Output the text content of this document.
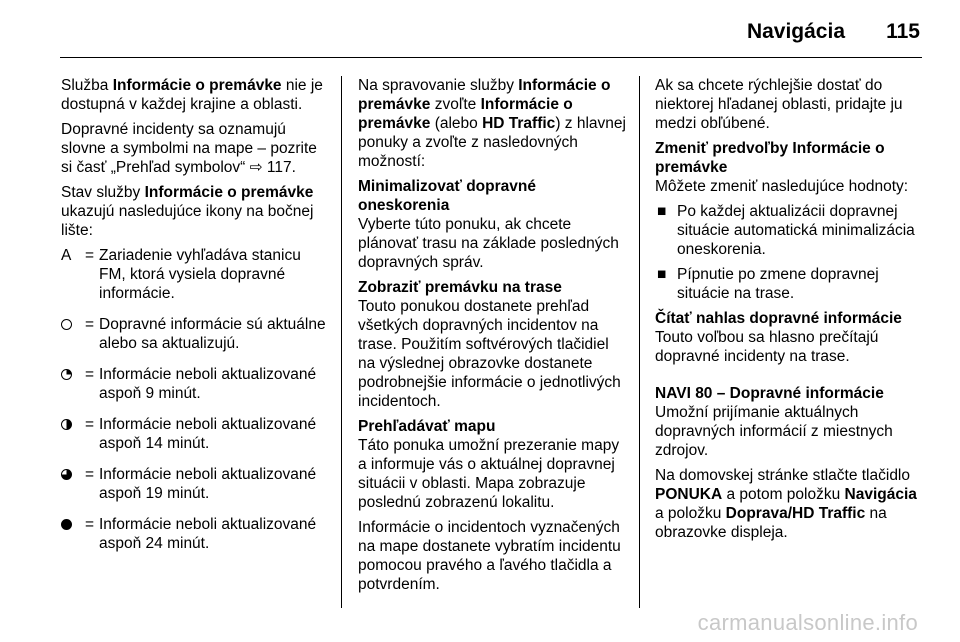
Navigácia 115

Služba Informácie o premávke nie je dostupná v každej krajine a oblasti.

Dopravné incidenty sa oznamujú slovne a symbolmi na mape – pozrite si časť „Prehľad symbolov“ ⇨ 117.

Stav služby Informácie o premávke ukazujú nasledujúce ikony na bočnej lište:

A = Zariadenie vyhľadáva stanicu FM, ktorá vysiela dopravné informácie.
= Dopravné informácie sú aktuálne alebo sa aktualizujú.
= Informácie neboli aktualizované aspoň 9 minút.
= Informácie neboli aktualizované aspoň 14 minút.
= Informácie neboli aktualizované aspoň 19 minút.
= Informácie neboli aktualizované aspoň 24 minút.

Na spravovanie služby Informácie o premávke zvoľte Informácie o premávke (alebo HD Traffic) z hlavnej ponuky a zvoľte z nasledovných možností:

Minimalizovať dopravné oneskorenia
Vyberte túto ponuku, ak chcete plánovať trasu na základe posledných dopravných správ.
Zobraziť premávku na trase
Touto ponukou dostanete prehľad všetkých dopravných incidentov na trase. Použitím softvérových tlačidiel na výslednej obrazovke dostanete podrobnejšie informácie o jednotlivých incidentoch.
Prehľadávať mapu
Táto ponuka umožní prezeranie mapy a informuje vás o aktuálnej dopravnej situácii v oblasti. Mapa zobrazuje poslednú zobrazenú lokalitu.

Informácie o incidentoch vyznačených na mape dostanete vybratím incidentu pomocou pravého a ľavého tlačidla a potvrdením.

Ak sa chcete rýchlejšie dostať do niektorej hľadanej oblasti, pridajte ju medzi obľúbené.

Zmeniť predvoľby Informácie o premávke
Môžete zmeniť nasledujúce hodnoty:
■ Po každej aktualizácii dopravnej situácie automatická minimalizácia oneskorenia.
■ Pípnutie po zmene dopravnej situácie na trase.
Čítať nahlas dopravné informácie
Touto voľbou sa hlasno prečítajú dopravné incidenty na trase.
NAVI 80 – Dopravné informácie

Umožní prijímanie aktuálnych dopravných informácií z miestnych zdrojov.

Na domovskej stránke stlačte tlačidlo PONUKA a potom položku Navigácia a položku Doprava/HD Traffic na obrazovke displeja.

carmanualsonline.info
